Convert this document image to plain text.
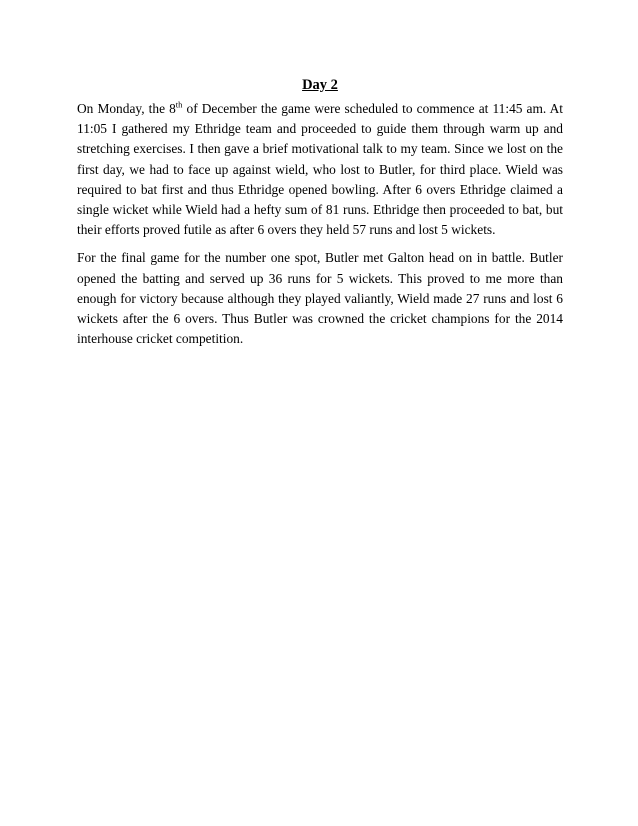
Day 2

On Monday, the 8th of December the game were scheduled to commence at 11:45 am. At 11:05 I gathered my Ethridge team and proceeded to guide them through warm up and stretching exercises. I then gave a brief motivational talk to my team. Since we lost on the first day, we had to face up against wield, who lost to Butler, for third place. Wield was required to bat first and thus Ethridge opened bowling. After 6 overs Ethridge claimed a single wicket while Wield had a hefty sum of 81 runs. Ethridge then proceeded to bat, but their efforts proved futile as after 6 overs they held 57 runs and lost 5 wickets.

For the final game for the number one spot, Butler met Galton head on in battle. Butler opened the batting and served up 36 runs for 5 wickets. This proved to me more than enough for victory because although they played valiantly, Wield made 27 runs and lost 6 wickets after the 6 overs. Thus Butler was crowned the cricket champions for the 2014 interhouse cricket competition.
